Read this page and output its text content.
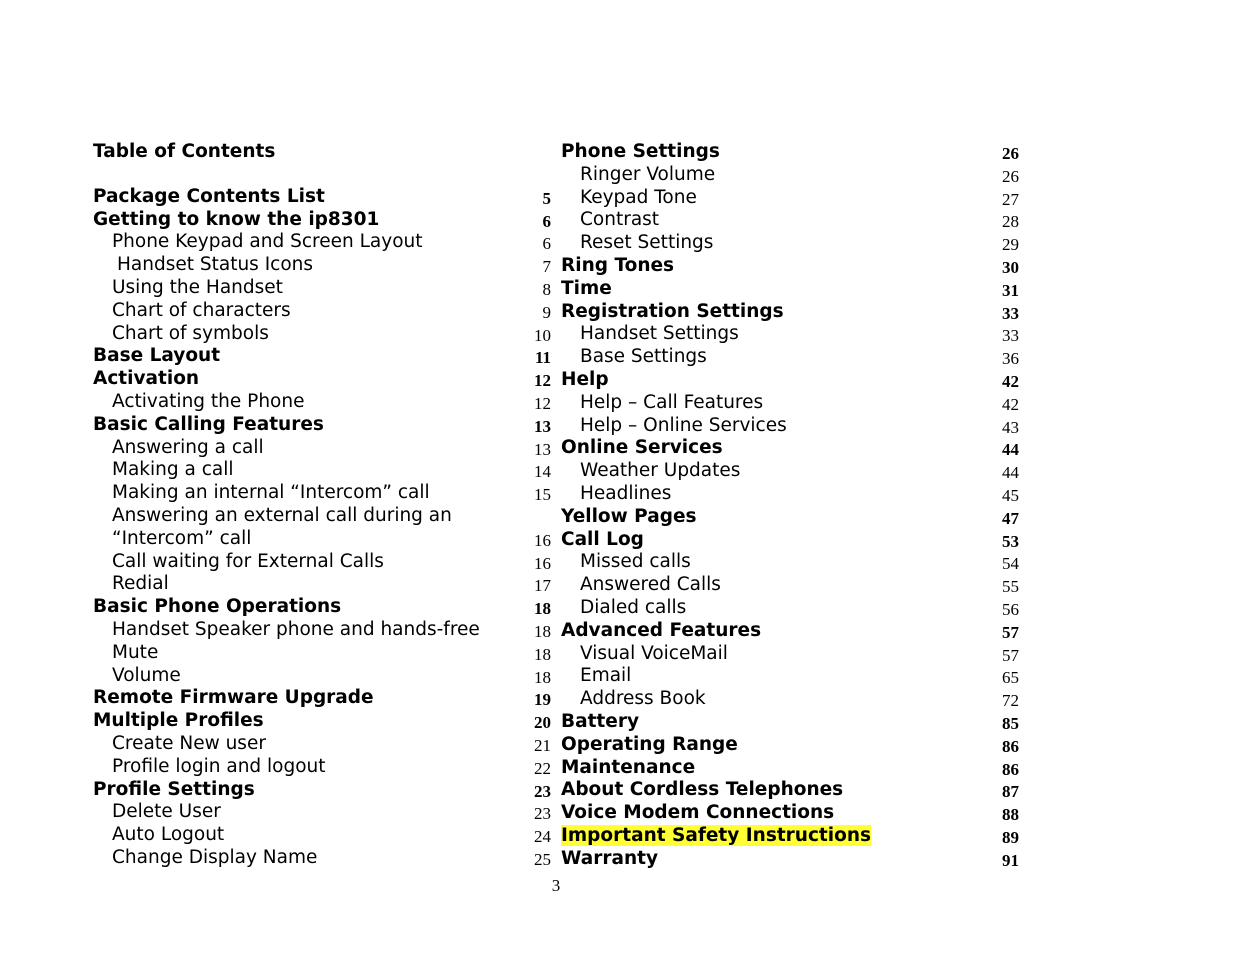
Table of Contents
Package Contents List	5
Getting to know the ip8301	6
Phone Keypad and Screen Layout	6
Handset Status Icons	7
Using the Handset	8
Chart of characters	9
Chart of symbols	10
Base Layout	11
Activation	12
Activating the Phone	12
Basic Calling Features	13
Answering a call	13
Making a call	14
Making an internal “Intercom” call	15
Answering an external call during an
“Intercom” call	16
Call waiting for External Calls	16
Redial	17
Basic Phone Operations	18
Handset Speaker phone and hands-free	18
Mute	18
Volume	18
Remote Firmware Upgrade	19
Multiple Profiles	20
Create New user	21
Profile login and logout	22
Profile Settings	23
Delete User	23
Auto Logout	24
Change Display Name	25
Phone Settings	26
Ringer Volume	26
Keypad Tone	27
Contrast	28
Reset Settings	29
Ring Tones	30
Time	31
Registration Settings	33
Handset Settings	33
Base Settings	36
Help	42
Help – Call Features	42
Help – Online Services	43
Online Services	44
Weather Updates	44
Headlines	45
Yellow Pages	47
Call Log	53
Missed calls	54
Answered Calls	55
Dialed calls	56
Advanced Features	57
Visual VoiceMail	57
Email	65
Address Book	72
Battery	85
Operating Range	86
Maintenance	86
About Cordless Telephones	87
Voice Modem Connections	88
Important Safety Instructions	89
Warranty	91
3
